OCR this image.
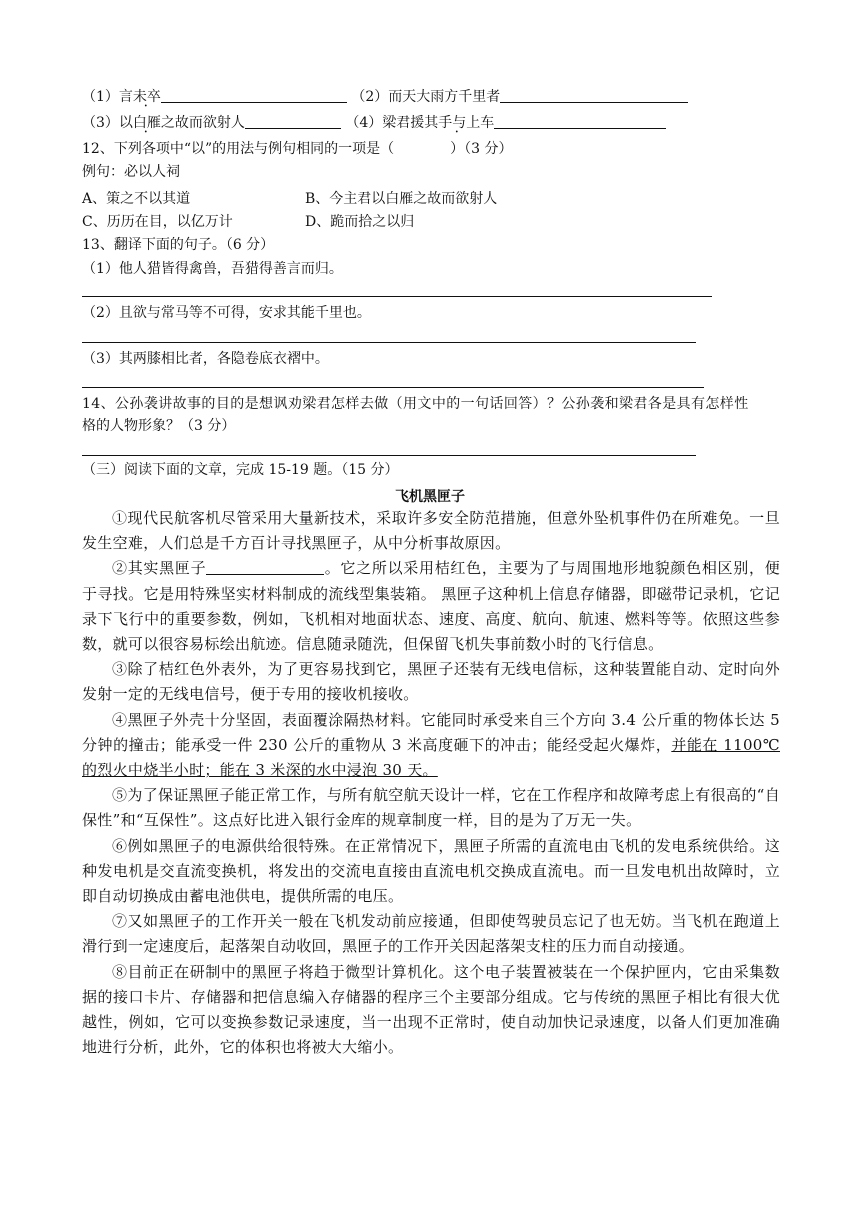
（1）言未卒	（2）而天大雨方千里者
（3）以白雁之故而欲射人	（4）梁君援其手与上车
•
•	•
12、下列各项中“以”的用法与例句相同的一项是（　　　　）（3 分）
例句：必以人祠
A、策之不以其道	B、今主君以白雁之故而欲射人
C、历历在目，以亿万计	D、跪而拾之以归
13、翻译下面的句子。（6 分）
（1）他人猎皆得禽兽，吾猎得善言而归。
（2）且欲与常马等不可得，安求其能千里也。
（3）其两膝相比者，各隐卷底衣褶中。
14、公孙袭讲故事的目的是想讽劝梁君怎样去做（用文中的一句话回答）？公孙袭和梁君各是具有怎样性
格的人物形象？（3 分）
（三）阅读下面的文章，完成 15-19 题。（15 分）
飞机黑匣子

①现代民航客机尽管采用大量新技术，采取许多安全防范措施，但意外坠机事件仍在所难免。一旦发生空难，人们总是千方百计寻找黑匣子，从中分析事故原因。

②其实黑匣子	。它之所以采用桔红色，主要为了与周围地形地貌颜色相区别，便于寻找。它是用特殊坚实材料制成的流线型集装箱。 黑匣子这种机上信息存储器，即磁带记录机，它记录下飞行中的重要参数，例如，飞机相对地面状态、速度、高度、航向、航速、燃料等等。依照这些参数，就可以很容易标绘出航迹。信息随录随洗，但保留飞机失事前数小时的飞行信息。

③除了桔红色外表外，为了更容易找到它，黑匣子还装有无线电信标，这种装置能自动、定时向外发射一定的无线电信号，便于专用的接收机接收。

④黑匣子外壳十分坚固，表面覆涂隔热材料。它能同时承受来自三个方向 3.4 公斤重的物体长达 5 分钟的撞击；能承受一件 230 公斤的重物从 3 米高度砸下的冲击；能经受起火爆炸，并能在 1100℃的烈火中烧半小时；能在 3 米深的水中浸泡 30 天。

⑤为了保证黑匣子能正常工作，与所有航空航天设计一样，它在工作程序和故障考虑上有很高的“自保性”和“互保性”。这点好比进入银行金库的规章制度一样，目的是为了万无一失。

⑥例如黑匣子的电源供给很特殊。在正常情况下，黑匣子所需的直流电由飞机的发电系统供给。这种发电机是交直流变换机，将发出的交流电直接由直流电机交换成直流电。而一旦发电机出故障时，立即自动切换成由蓄电池供电，提供所需的电压。

⑦又如黑匣子的工作开关一般在飞机发动前应接通，但即使驾驶员忘记了也无妨。当飞机在跑道上滑行到一定速度后，起落架自动收回，黑匣子的工作开关因起落架支柱的压力而自动接通。

⑧目前正在研制中的黑匣子将趋于微型计算机化。这个电子装置被装在一个保护匣内，它由采集数据的接口卡片、存储器和把信息编入存储器的程序三个主要部分组成。它与传统的黑匣子相比有很大优越性，例如，它可以变换参数记录速度，当一出现不正常时，使自动加快记录速度，以备人们更加准确地进行分析，此外，它的体积也将被大大缩小。
